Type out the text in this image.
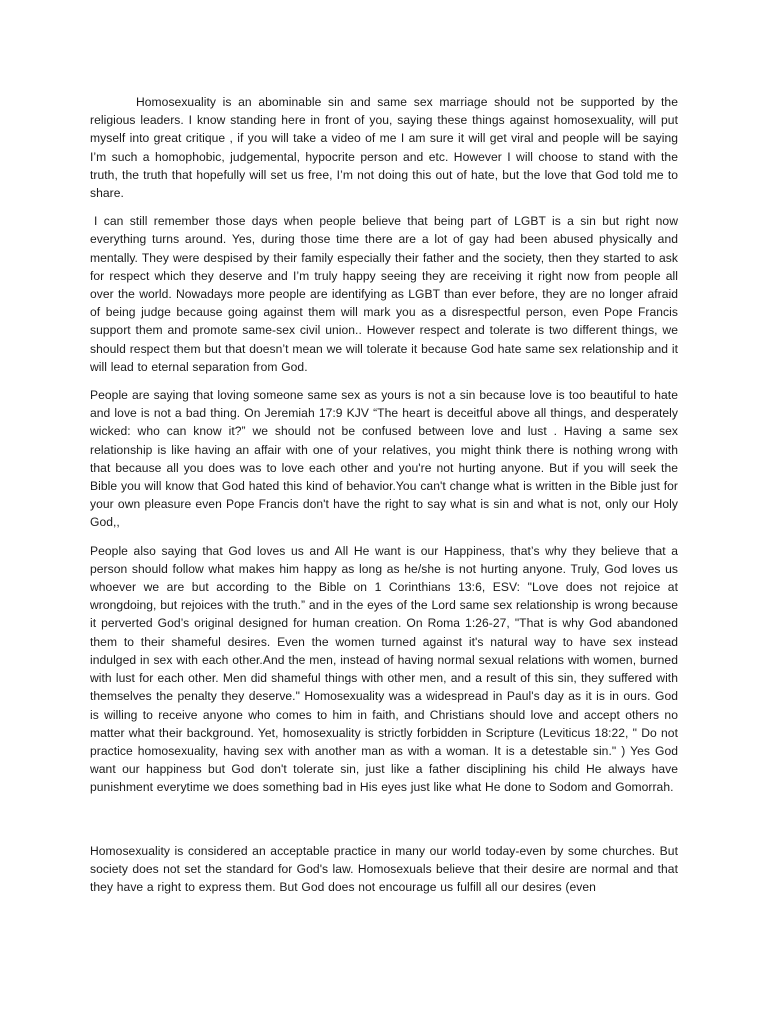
Homosexuality is an abominable sin and same sex marriage should not be supported by the religious leaders. I know standing here in front of you, saying these things against homosexuality, will put myself into great critique , if you will take a video of me I am sure it will get viral and people will be saying I’m such a homophobic, judgemental, hypocrite person and etc. However I will choose to stand with the truth, the truth that hopefully will set us free, I’m not doing this out of hate, but the love that God told me to share.

I can still remember those days when people believe that being part of LGBT is a sin but right now everything turns around. Yes, during those time there are a lot of gay had been abused physically and mentally. They were despised by their family especially their father and the society, then they started to ask for respect which they deserve and I’m truly happy seeing they are receiving it right now from people all over the world. Nowadays more people are identifying as LGBT than ever before, they are no longer afraid of being judge because going against them will mark you as a disrespectful person, even Pope Francis support them and promote same-sex civil union.. However respect and tolerate is two different things, we should respect them but that doesn’t mean we will tolerate it because God hate same sex relationship and it will lead to eternal separation from God.

People are saying that loving someone same sex as yours is not a sin because love is too beautiful to hate and love is not a bad thing. On Jeremiah 17:9 KJV “The heart is deceitful above all things, and desperately wicked: who can know it?” we should not be confused between love and lust . Having a same sex relationship is like having an affair with one of your relatives, you might think there is nothing wrong with that because all you does was to love each other and you're not hurting anyone. But if you will seek the Bible you will know that God hated this kind of behavior.You can't change what is written in the Bible just for your own pleasure even Pope Francis don't have the right to say what is sin and what is not, only our Holy God,,

People also saying that God loves us and All He want is our Happiness, that’s why they believe that a person should follow what makes him happy as long as he/she is not hurting anyone. Truly, God loves us whoever we are but according to the Bible on 1 Corinthians 13:6, ESV: "Love does not rejoice at wrongdoing, but rejoices with the truth.” and in the eyes of the Lord same sex relationship is wrong because it perverted God’s original designed for human creation. On Roma 1:26-27, "That is why God abandoned them to their shameful desires. Even the women turned against it's natural way to have sex instead indulged in sex with each other.And the men, instead of having normal sexual relations with women, burned with lust for each other. Men did shameful things with other men, and a result of this sin, they suffered with themselves the penalty they deserve." Homosexuality was a widespread in Paul's day as it is in ours. God is willing to receive anyone who comes to him in faith, and Christians should love and accept others no matter what their background. Yet, homosexuality is strictly forbidden in Scripture (Leviticus 18:22, " Do not practice homosexuality, having sex with another man as with a woman. It is a detestable sin." ) Yes God want our happiness but God don't tolerate sin, just like a father disciplining his child He always have punishment everytime we does something bad in His eyes just like what He done to Sodom and Gomorrah.

Homosexuality is considered an acceptable practice in many our world today-even by some churches. But society does not set the standard for God's law. Homosexuals believe that their desire are normal and that they have a right to express them. But God does not encourage us fulfill all our desires (even
